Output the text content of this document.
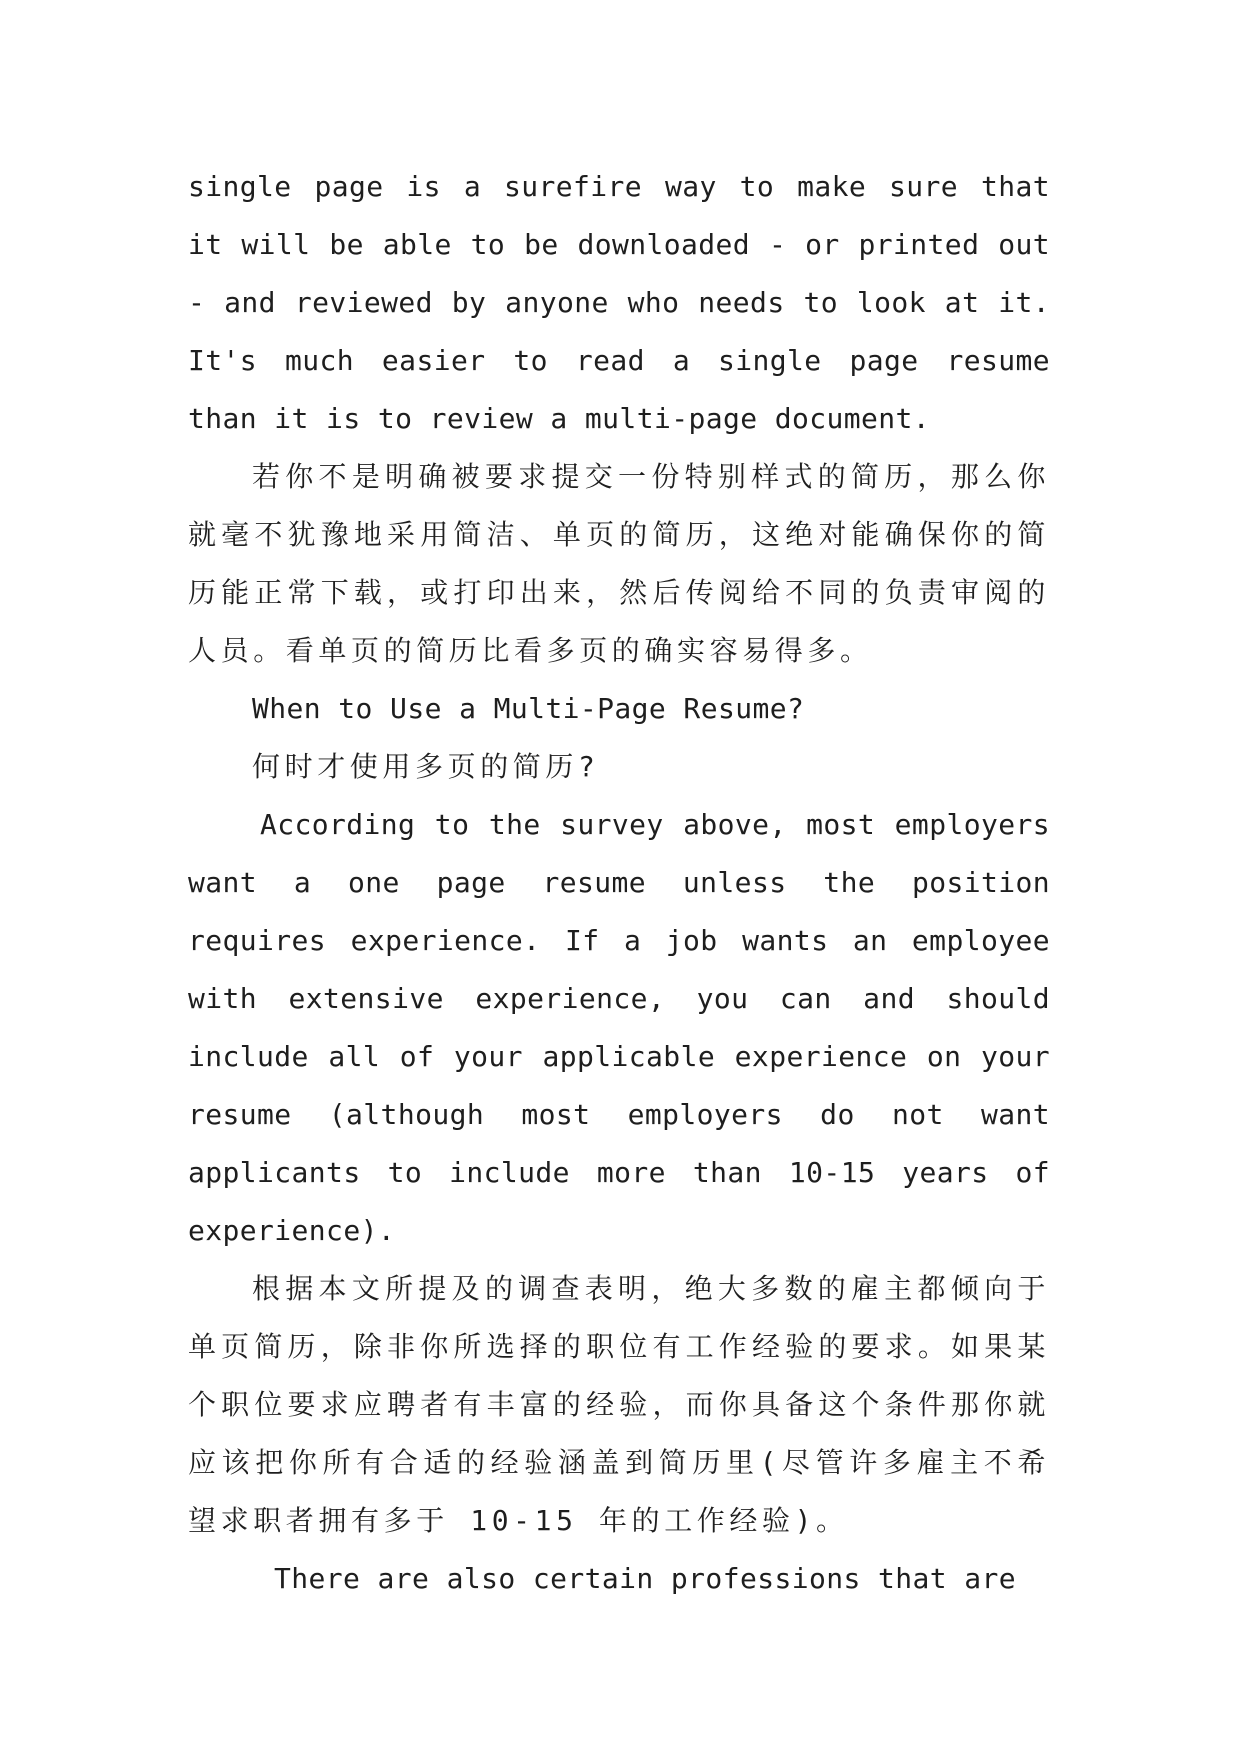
single page is a surefire way to make sure that it will be able to be downloaded - or printed out - and reviewed by anyone who needs to look at it. It's much easier to read a single page resume than it is to review a multi-page document.

若你不是明确被要求提交一份特别样式的简历，那么你就毫不犹豫地采用简洁、单页的简历，这绝对能确保你的简历能正常下载，或打印出来，然后传阅给不同的负责审阅的人员。看单页的简历比看多页的确实容易得多。

When to Use a Multi-Page Resume?

何时才使用多页的简历?

According to the survey above, most employers want a one page resume unless the position requires experience. If a job wants an employee with extensive experience, you can and should include all of your applicable experience on your resume (although most employers do not want applicants to include more than 10-15 years of experience).

根据本文所提及的调查表明，绝大多数的雇主都倾向于单页简历，除非你所选择的职位有工作经验的要求。如果某个职位要求应聘者有丰富的经验，而你具备这个条件那你就应该把你所有合适的经验涵盖到简历里(尽管许多雇主不希望求职者拥有多于 10-15 年的工作经验)。

There are also certain professions that are
